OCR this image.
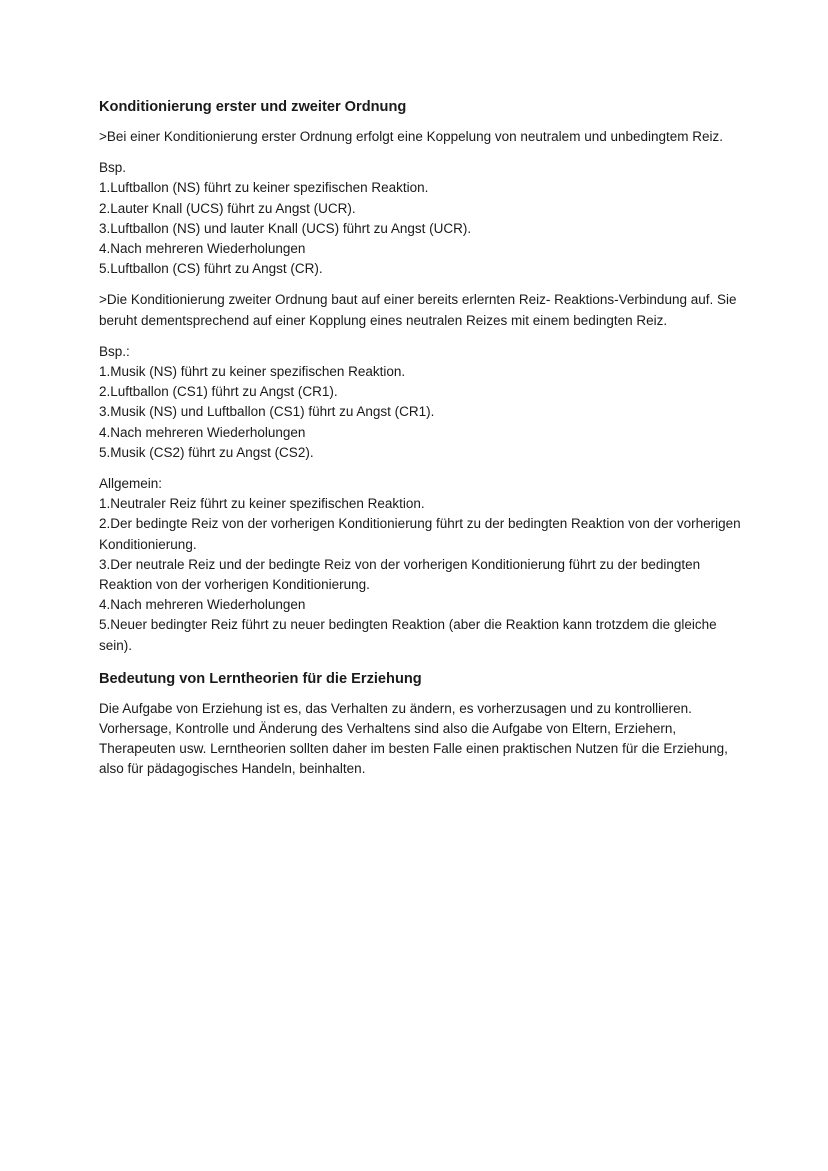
Konditionierung erster und zweiter Ordnung

>Bei einer Konditionierung erster Ordnung erfolgt eine Koppelung von neutralem und unbedingtem Reiz.

Bsp.

1.Luftballon (NS) führt zu keiner spezifischen Reaktion.
2.Lauter Knall (UCS) führt zu Angst (UCR).
3.Luftballon (NS) und lauter Knall (UCS) führt zu Angst (UCR).
4.Nach mehreren Wiederholungen
5.Luftballon (CS) führt zu Angst (CR).

>Die Konditionierung zweiter Ordnung baut auf einer bereits erlernten Reiz- Reaktions-Verbindung auf. Sie beruht dementsprechend auf einer Kopplung eines neutralen Reizes mit einem bedingten Reiz.

Bsp.:

1.Musik (NS) führt zu keiner spezifischen Reaktion.
2.Luftballon (CS1) führt zu Angst (CR1).
3.Musik (NS) und Luftballon (CS1) führt zu Angst (CR1).
4.Nach mehreren Wiederholungen
5.Musik (CS2) führt zu Angst (CS2).

Allgemein:

1.Neutraler Reiz führt zu keiner spezifischen Reaktion.
2.Der bedingte Reiz von der vorherigen Konditionierung führt zu der bedingten Reaktion von der vorherigen Konditionierung.
3.Der neutrale Reiz und der bedingte Reiz von der vorherigen Konditionierung führt zu der bedingten Reaktion von der vorherigen Konditionierung.
4.Nach mehreren Wiederholungen
5.Neuer bedingter Reiz führt zu neuer bedingten Reaktion (aber die Reaktion kann trotzdem die gleiche sein).
Bedeutung von Lerntheorien für die Erziehung

Die Aufgabe von Erziehung ist es, das Verhalten zu ändern, es vorherzusagen und zu kontrollieren. Vorhersage, Kontrolle und Änderung des Verhaltens sind also die Aufgabe von Eltern, Erziehern, Therapeuten usw. Lerntheorien sollten daher im besten Falle einen praktischen Nutzen für die Erziehung, also für pädagogisches Handeln, beinhalten.
